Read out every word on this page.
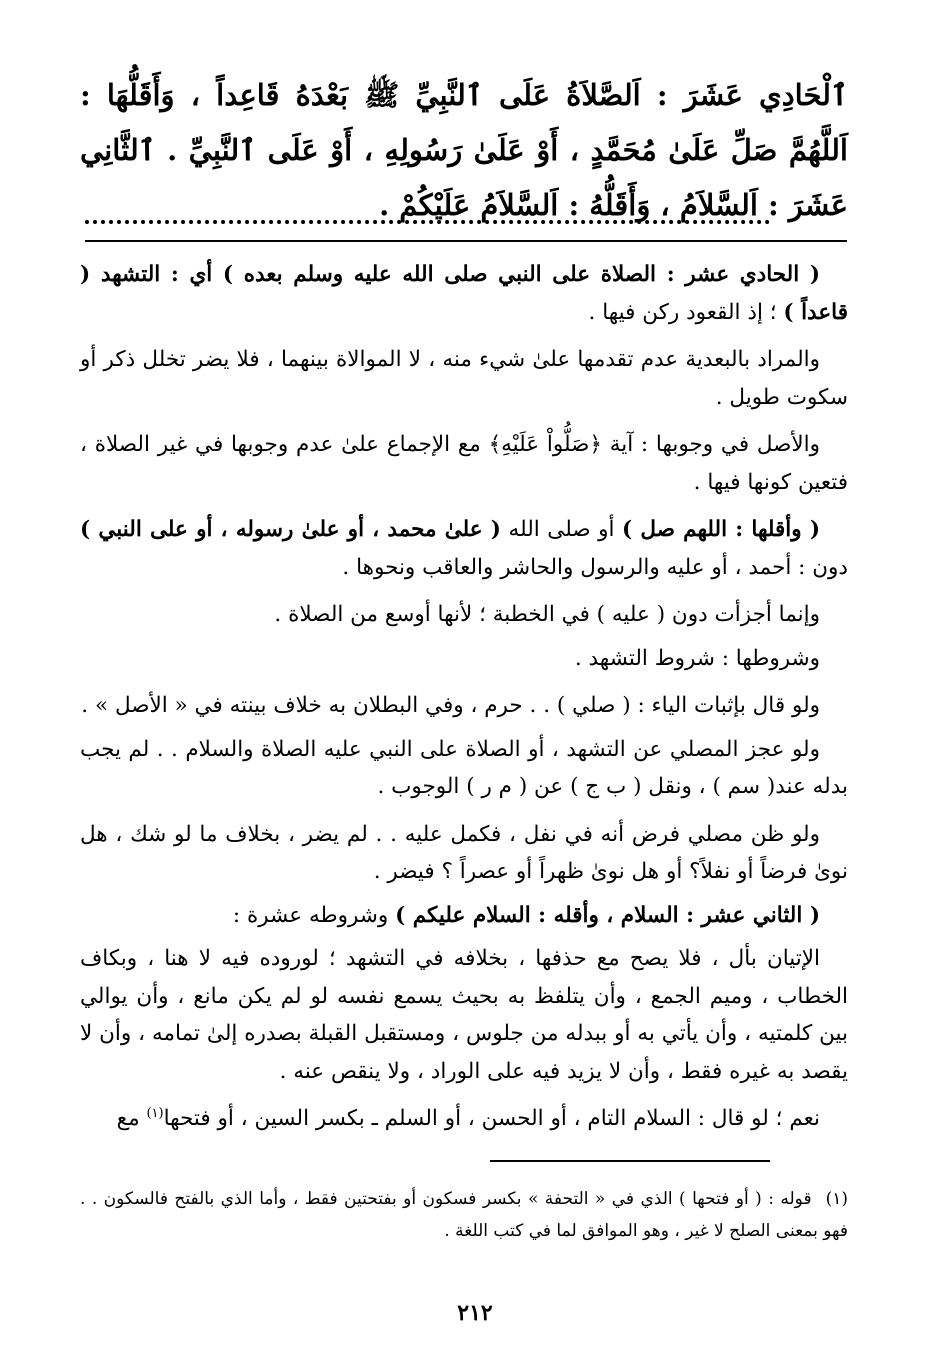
ٱلْحَادِي عَشَرَ : اَلصَّلاَةُ عَلَى ٱلنَّبِيِّ ﷺ بَعْدَهُ قَاعِداً ، وَأَقَلُّهَا : اَللَّهُمَّ صَلِّ عَلَىٰ مُحَمَّدٍ ، أَوْ عَلَىٰ رَسُولِهِ ، أَوْ عَلَى ٱلنَّبِيِّ . ٱلثَّانِي عَشَرَ : اَلسَّلاَمُ ، وَأَقَلُّهُ : اَلسَّلاَمُ عَلَيْكُمْ .

( الحادي عشر : الصلاة على النبي صلى الله عليه وسلم بعده ) أي : التشهد ( قاعداً ) ؛ إذ القعود ركن فيها .

والمراد بالبعدية عدم تقدمها علىٰ شيء منه ، لا الموالاة بينهما ، فلا يضر تخلل ذكر أو سكوت طويل .

والأصل في وجوبها : آية ﴿صَلُّواْ عَلَيْهِ﴾ مع الإجماع علىٰ عدم وجوبها في غير الصلاة ، فتعين كونها فيها .

( وأقلها : اللهم صل ) أو صلى الله ( علىٰ محمد ، أو علىٰ رسوله ، أو على النبي ) دون : أحمد ، أو عليه والرسول والحاشر والعاقب ونحوها .

وإنما أجزأت دون ( عليه ) في الخطبة ؛ لأنها أوسع من الصلاة .

وشروطها : شروط التشهد .

ولو قال بإثبات الياء : ( صلي ) . . حرم ، وفي البطلان به خلاف بينته في « الأصل » .

ولو عجز المصلي عن التشهد ، أو الصلاة على النبي عليه الصلاة والسلام . . لم يجب بدله عند( سم ) ، ونقل ( ب ج ) عن ( م ر ) الوجوب .

ولو ظن مصلي فرض أنه في نفل ، فكمل عليه . . لم يضر ، بخلاف ما لو شك ، هل نوىٰ فرضاً أو نفلاً؟ أو هل نوىٰ ظهراً أو عصراً ؟ فيضر .

( الثاني عشر : السلام ، وأقله : السلام عليكم ) وشروطه عشرة :

الإتيان بأل ، فلا يصح مع حذفها ، بخلافه في التشهد ؛ لوروده فيه لا هنا ، وبكاف الخطاب ، وميم الجمع ، وأن يتلفظ به بحيث يسمع نفسه لو لم يكن مانع ، وأن يوالي بين كلمتيه ، وأن يأتي به أو ببدله من جلوس ، ومستقبل القبلة بصدره إلىٰ تمامه ، وأن لا يقصد به غيره فقط ، وأن لا يزيد فيه على الوراد ، ولا ينقص عنه .

نعم ؛ لو قال : السلام التام ، أو الحسن ، أو السلم ـ بكسر السين ، أو فتحها$^{(١)}$ مع

(١)قوله : ( أو فتحها ) الذي في « التحفة » بكسر فسكون أو بفتحتين فقط ، وأما الذي بالفتح فالسكون . . فهو بمعنى الصلح لا غير ، وهو الموافق لما في كتب اللغة .
٢١٢
